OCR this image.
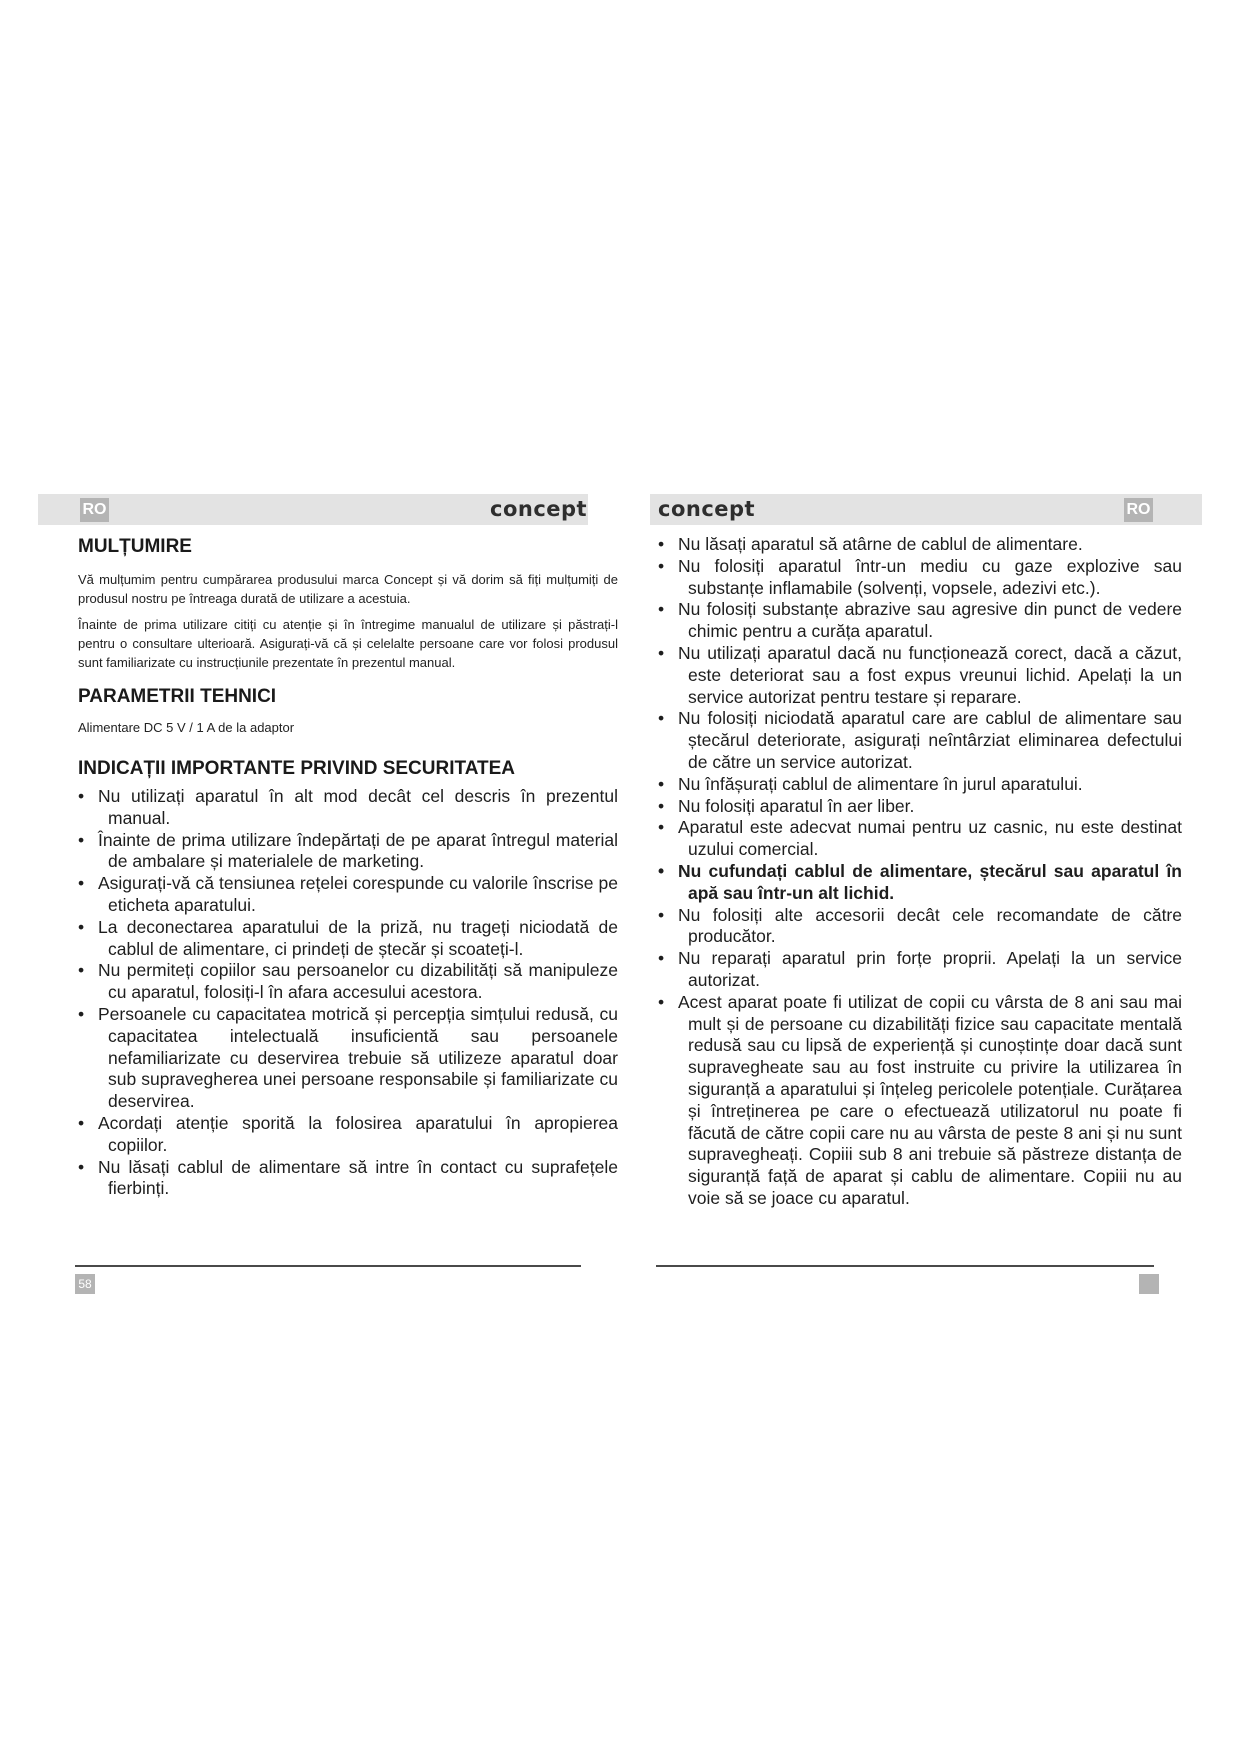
RO	concept
MULȚUMIRE

Vă mulțumim pentru cumpărarea produsului marca Concept și vă dorim să fiți mulțumiți de produsul nostru pe întreaga durată de utilizare a acestuia.

Înainte de prima utilizare citiți cu atenție și în întregime manualul de utilizare și păstrați-l pentru o consultare ulterioară. Asigurați-vă că și celelalte persoane care vor folosi produsul sunt familiarizate cu instrucțiunile prezentate în prezentul manual.

PARAMETRII TEHNICI

Alimentare DC 5 V / 1 A de la adaptor

INDICAȚII IMPORTANTE PRIVIND SECURITATEA
• Nu utilizați aparatul în alt mod decât cel descris în prezentul manual.
• Înainte de prima utilizare îndepărtați de pe aparat întregul material de ambalare și materialele de marketing.
• Asigurați-vă că tensiunea rețelei corespunde cu valorile înscrise pe eticheta aparatului.
• La deconectarea aparatului de la priză, nu trageți niciodată de cablul de alimentare, ci prindeți de ștecăr și scoateți-l.
• Nu permiteți copiilor sau persoanelor cu dizabilități să manipuleze cu aparatul, folosiți-l în afara accesului acestora.
• Persoanele cu capacitatea motrică și percepția simțului redusă, cu capacitatea intelectuală insuficientă sau persoanele nefamiliarizate cu deservirea trebuie să utilizeze aparatul doar sub supravegherea unei persoane responsabile și familiarizate cu deservirea.
• Acordați atenție sporită la folosirea aparatului în apropierea copiilor.
• Nu lăsați cablul de alimentare să intre în contact cu suprafețele fierbinți.
58
RO
concept
• Nu lăsați aparatul să atârne de cablul de alimentare.
• Nu folosiți aparatul într-un mediu cu gaze explozive sau substanțe inflamabile (solvenți, vopsele, adezivi etc.).
• Nu folosiți substanțe abrazive sau agresive din punct de vedere chimic pentru a curăța aparatul.
• Nu utilizați aparatul dacă nu funcționează corect, dacă a căzut, este deteriorat sau a fost expus vreunui lichid. Apelați la un service autorizat pentru testare și reparare.
• Nu folosiți niciodată aparatul care are cablul de alimentare sau ștecărul deteriorate, asigurați neîntârziat eliminarea defectului de către un service autorizat.
• Nu înfășurați cablul de alimentare în jurul aparatului.
• Nu folosiți aparatul în aer liber.
• Aparatul este adecvat numai pentru uz casnic, nu este destinat uzului comercial.
• Nu cufundați cablul de alimentare, ștecărul sau aparatul în apă sau într-un alt lichid.
• Nu folosiți alte accesorii decât cele recomandate de către producător.
• Nu reparați aparatul prin forțe proprii. Apelați la un service autorizat.
• Acest aparat poate fi utilizat de copii cu vârsta de 8 ani sau mai mult și de persoane cu dizabilități fizice sau capacitate mentală redusă sau cu lipsă de experiență și cunoștințe doar dacă sunt supravegheate sau au fost instruite cu privire la utilizarea în siguranță a aparatului și înțeleg pericolele potențiale. Curățarea și întreținerea pe care o efectuează utilizatorul nu poate fi făcută de către copii care nu au vârsta de peste 8 ani și nu sunt supravegheați. Copiii sub 8 ani trebuie să păstreze distanța de siguranță față de aparat și cablu de alimentare. Copiii nu au voie să se joace cu aparatul.
